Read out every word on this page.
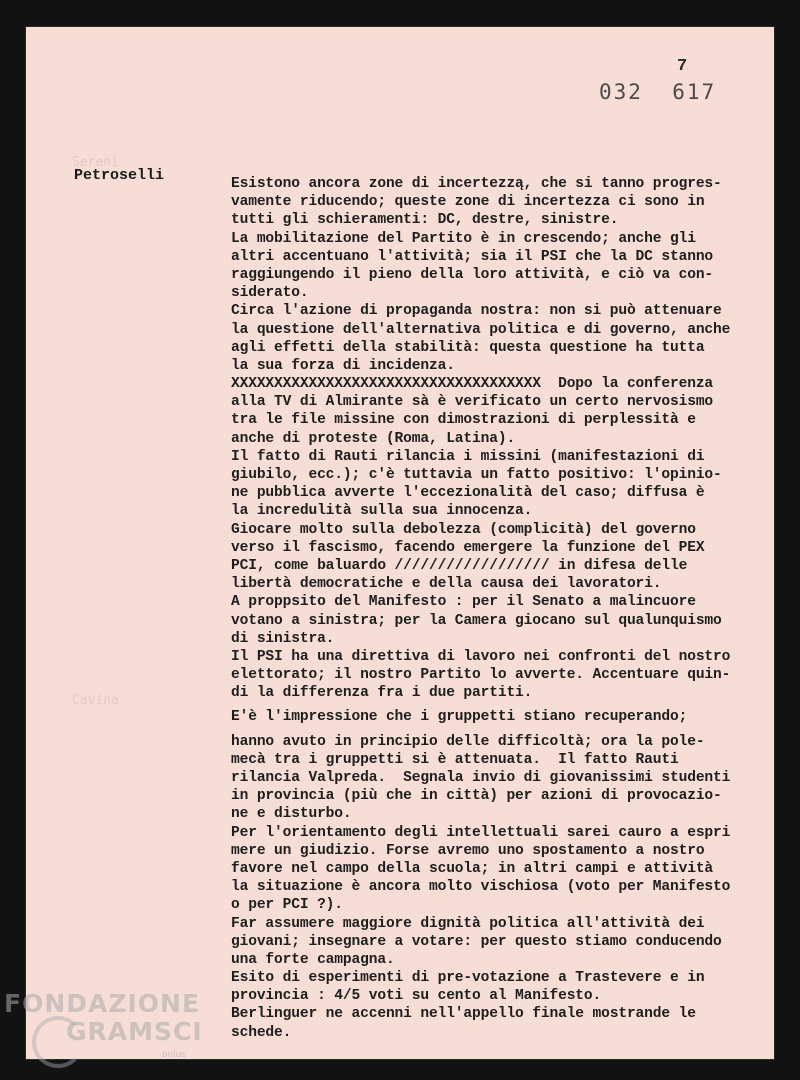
Sereni
Cavina
7
032  617
Petroselli	Esistono ancora zone di incertezzą, che si tanno progres-
vamente riducendo; queste zone di incertezza ci sono in
tutti gli schieramenti: DC, destre, sinistre.
La mobilitazione del Partito è in crescendo; anche gli
altri accentuano l'attività; sia il PSI che la DC stanno
raggiungendo il pieno della loro attività, e ciò va con-
siderato.
Circa l'azione di propaganda nostra: non si può attenuare
la questione dell'alternativa politica e di governo, anche
agli effetti della stabilità: questa questione ha tutta
la sua forza di incidenza.
XXXXXXXXXXXXXXXXXXXXXXXXXXXXXXXXXXXX  Dopo la conferenza
alla TV di Almirante sà è verificato un certo nervosismo
tra le file missine con dimostrazioni di perplessità e
anche di proteste (Roma, Latina).
Il fatto di Rauti rilancia i missini (manifestazioni di
giubilo, ecc.); c'è tuttavia un fatto positivo: l'opinio-
ne pubblica avverte l'eccezionalità del caso; diffusa è
la incredulità sulla sua innocenza.
Giocare molto sulla debolezza (complicità) del governo
verso il fascismo, facendo emergere la funzione del PEX
PCI, come baluardo ////////////////// in difesa delle
libertà democratiche e della causa dei lavoratori.
A proppsito del Manifesto : per il Senato a malincuore
votano a sinistra; per la Camera giocano sul qualunquismo
di sinistra.
Il PSI ha una direttiva di lavoro nei confronti del nostro
elettorato; il nostro Partito lo avverte. Accentuare quin-
di la differenza fra i due partiti.
E'è l'impressione che i gruppetti stiano recuperando;
hanno avuto in principio delle difficoltà; ora la pole-
mecà tra i gruppetti si è attenuata.  Il fatto Rauti
rilancia Valpreda.  Segnala invio di giovanissimi studenti
in provincia (più che in città) per azioni di provocazio-
ne e disturbo.
Per l'orientamento degli intellettuali sarei cauro a espri
mere un giudizio. Forse avremo uno spostamento a nostro
favore nel campo della scuola; in altri campi e attività
la situazione è ancora molto vischiosa (voto per Manifesto
o per PCI ?).
Far assumere maggiore dignità politica all'attività dei
giovani; insegnare a votare: per questo stiamo conducendo
una forte campagna.
Esito di esperimenti di pre-votazione a Trastevere e in
provincia : 4/5 voti su cento al Manifesto.
Berlinguer ne accenni nell'appello finale mostrande le
schede.
FONDAZIONE
GRAMSCI
onlus
